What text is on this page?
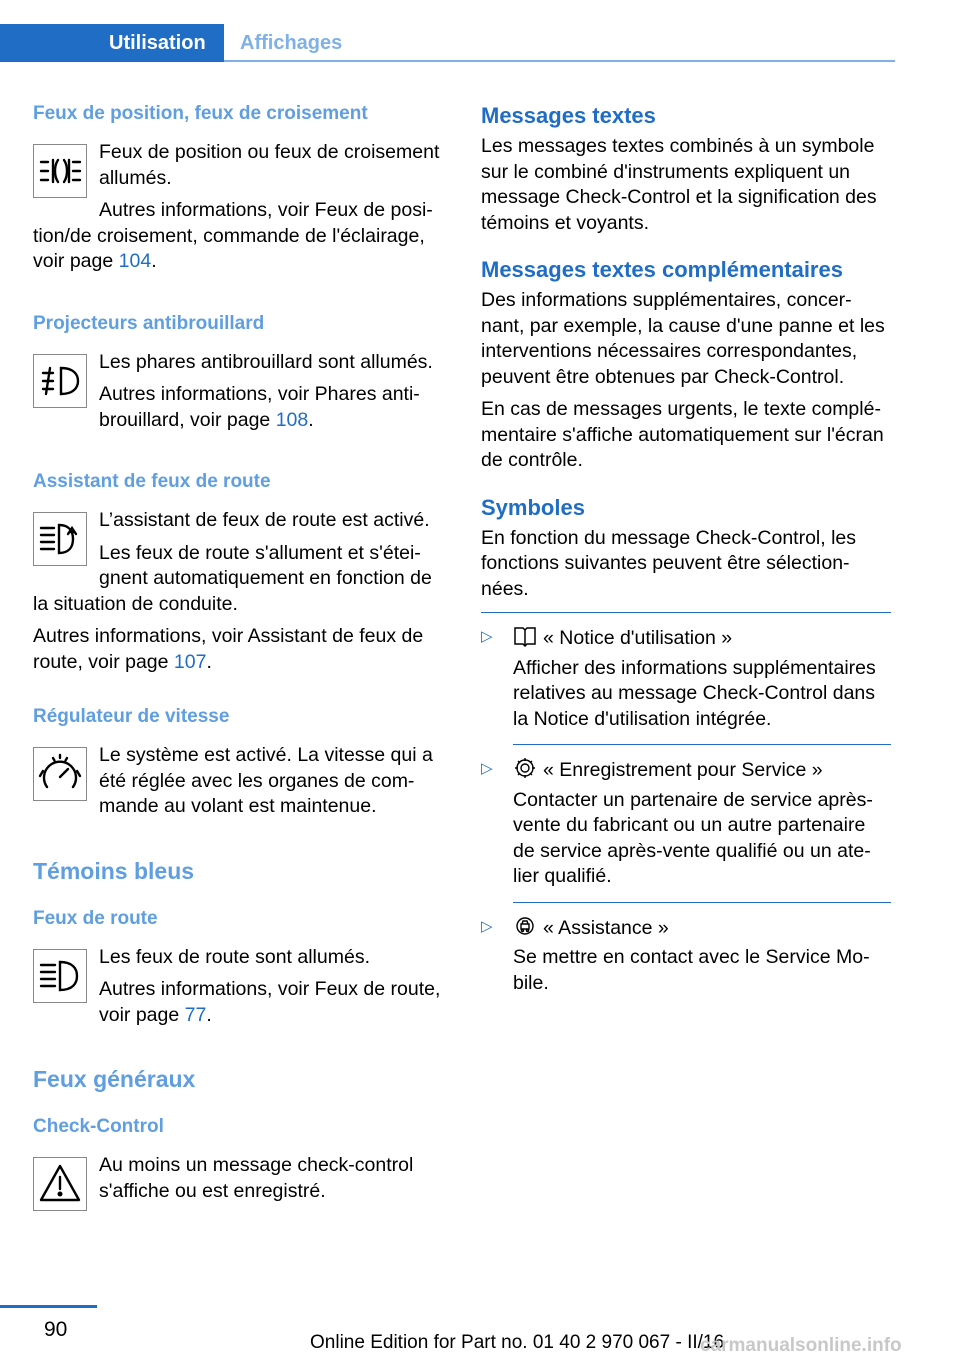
Utilisation	Affichages
Feux de position, feux de croisement
Feux de position ou feux de croisement allumés.
Autres informations, voir Feux de posi-tion/de croisement, commande de l'éclairage, voir page 104.
Projecteurs antibrouillard
Les phares antibrouillard sont allumés.
Autres informations, voir Phares anti-brouillard, voir page 108.
Assistant de feux de route
L’assistant de feux de route est activé.
Les feux de route s'allument et s'étei-gnent automatiquement en fonction de la situation de conduite.
Autres informations, voir Assistant de feux de route, voir page 107.
Régulateur de vitesse
Le système est activé. La vitesse qui a été réglée avec les organes de com-mande au volant est maintenue.
Témoins bleus
Feux de route
Les feux de route sont allumés.
Autres informations, voir Feux de route, voir page 77.
Feux généraux
Check-Control
Au moins un message check-control s'affiche ou est enregistré.
Messages textes
Les messages textes combinés à un symbole sur le combiné d'instruments expliquent un message Check-Control et la signification des témoins et voyants.
Messages textes complémentaires
Des informations supplémentaires, concer-nant, par exemple, la cause d'une panne et les interventions nécessaires correspondantes, peuvent être obtenues par Check-Control.
En cas de messages urgents, le texte complé-mentaire s'affiche automatiquement sur l'écran de contrôle.
Symboles
En fonction du message Check-Control, les fonctions suivantes peuvent être sélection-nées.
▷	« Notice d'utilisation »
Afficher des informations supplémentaires relatives au message Check-Control dans la Notice d'utilisation intégrée.
▷	« Enregistrement pour Service »
Contacter un partenaire de service après-vente du fabricant ou un autre partenaire de service après-vente qualifié ou un ate-lier qualifié.
▷	« Assistance »
Se mettre en contact avec le Service Mo-bile.
90
Online Edition for Part no. 01 40 2 970 067 - II/16
carmanualsonline.info
